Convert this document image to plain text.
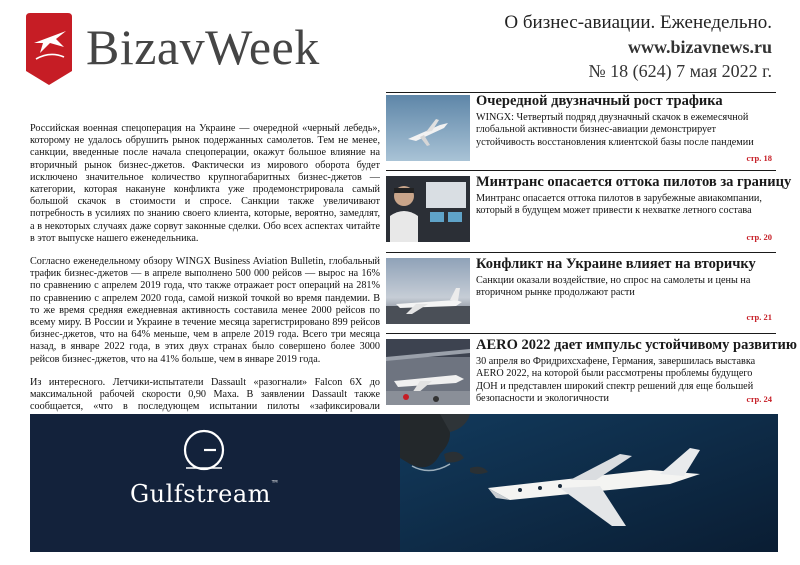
BizavWeek	О бизнес-авиации. Еженедельно.
www.bizavnews.ru
№ 18 (624) 7 мая 2022 г.

Российская военная спецоперация на Украине — очередной «черный лебедь», которому не удалось обрушить рынок подержанных самолетов. Тем не менее, санкции, введенные после начала спецоперации, окажут большое влияние на вторичный рынок бизнес-джетов. Фактически из мирового оборота будет исключено значительное количество крупногабаритных бизнес-джетов — категории, которая накануне конфликта уже продемонстрировала самый большой скачок в стоимости и спросе. Санкции также увеличивают потребность в усилиях по знанию своего клиента, которые, вероятно, замедлят, а в некоторых случаях даже сорвут законные сделки. Обо всех аспектах читайте в этот выпуске нашего еженедельника.

Согласно еженедельному обзору WINGX Business Aviation Bulletin, глобальный трафик бизнес-джетов — в апреле выполнено 500 000 рейсов — вырос на 16% по сравнению с апрелем 2019 года, что также отражает рост операций на 281% по сравнению с апрелем 2020 года, самой низкой точкой во время пандемии. В то же время средняя ежедневная активность составила менее 2000 рейсов по всему миру. В России и Украине в течение месяца зарегистрировано 899 рейсов бизнес-джетов, что на 64% меньше, чем в апреле 2019 года. Всего три месяца назад, в январе 2022 года, в этих двух странах было совершено более 3000 рейсов бизнес-джетов, что на 41% больше, чем в январе 2019 года.

Из интересного. Летчики-испытатели Dassault «разогнали» Falcon 6X до максимальной рабочей скорости 0,90 Маха. В заявлении Dassault также сообщается, «что в последующем испытании пилоты «зафиксировали

Очередной двузначный рост трафика
WINGX: Четвертый подряд двузначный скачок в ежемесячной глобальной активности бизнес-авиации демонстрирует устойчивость восстановления клиентской базы после пандемии
стр. 18
Минтранс опасается оттока пилотов за границу
Минтранс опасается оттока пилотов в зарубежные авиакомпании, который в будущем может привести к нехватке летного состава
стр. 20
Конфликт на Украине влияет на вторичку
Санкции оказали воздействие, но спрос на самолеты и цены на вторичном рынке продолжают расти
стр. 21
AERO 2022 дает импульс устойчивому развитию
30 апреля во Фридрихсхафене, Германия, завершилась выставка AERO 2022, на которой были рассмотрены проблемы будущего ДОН и представлен широкий спектр решений для еще большей безопасности и экологичности	стр. 24
Gulfstream™
